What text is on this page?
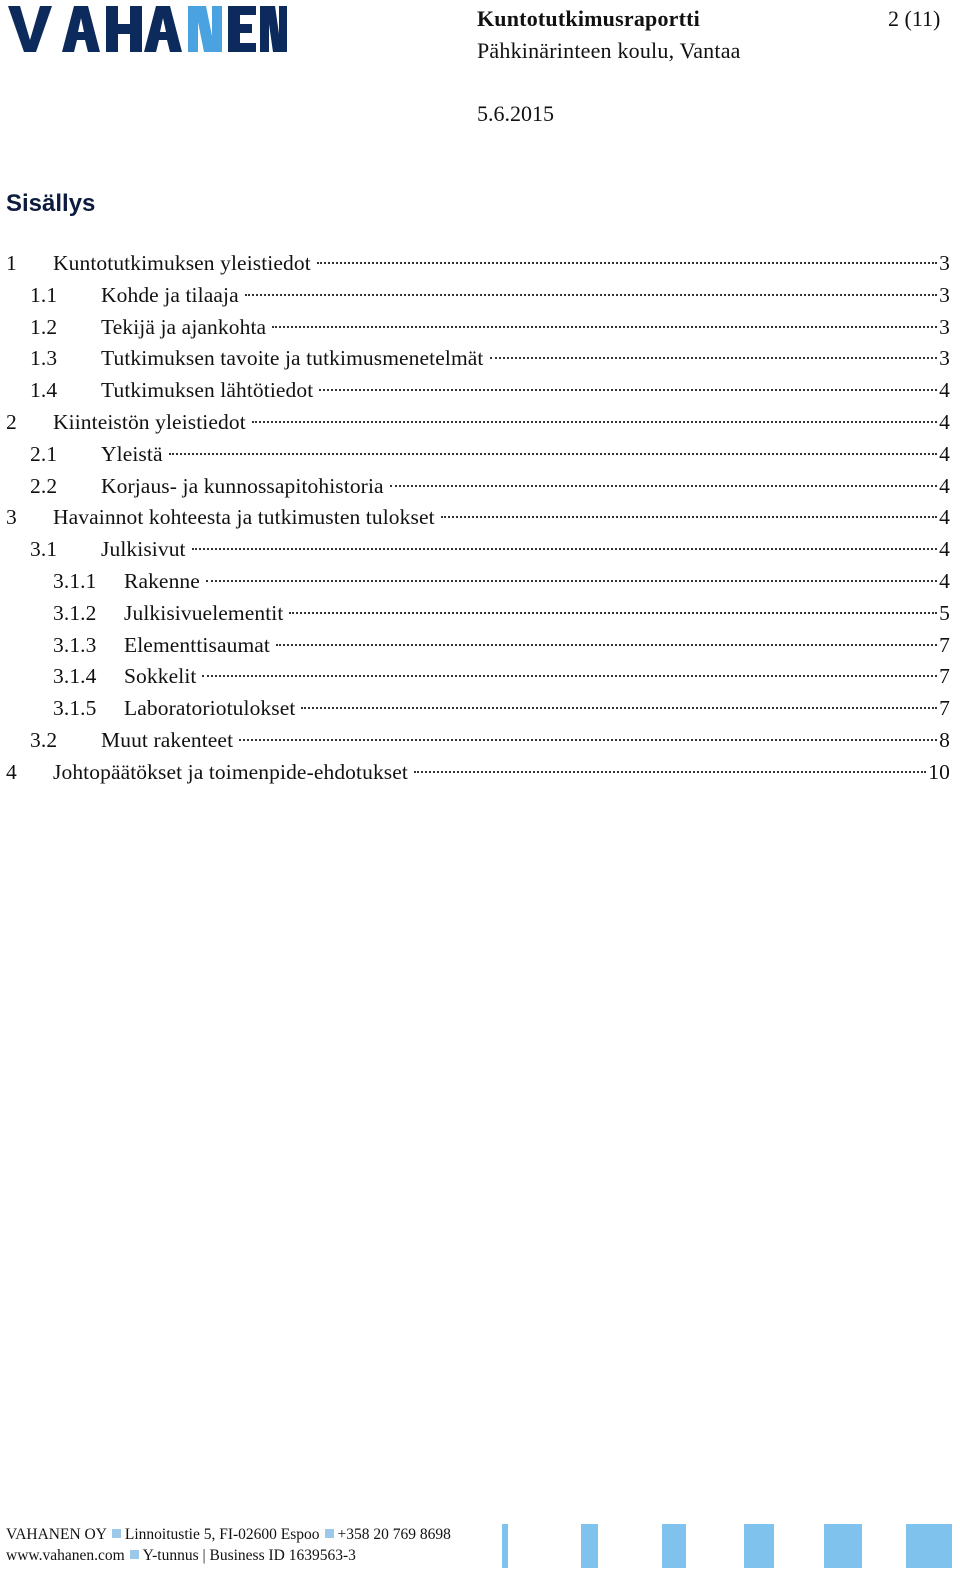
Kuntotutkimusraportti
Pähkinärinteen koulu, Vantaa
2 (11)
5.6.2015
Sisällys
1 Kuntotutkimuksen yleistiedot	3
1.1 Kohde ja tilaaja	3
1.2 Tekijä ja ajankohta	3
1.3 Tutkimuksen tavoite ja tutkimusmenetelmät	3
1.4 Tutkimuksen lähtötiedot	4
2 Kiinteistön yleistiedot	4
2.1 Yleistä	4
2.2 Korjaus- ja kunnossapitohistoria	4
3 Havainnot kohteesta ja tutkimusten tulokset	4
3.1 Julkisivut	4
3.1.1 Rakenne	4
3.1.2 Julkisivuelementit	5
3.1.3 Elementtisaumat	7
3.1.4 Sokkelit	7
3.1.5 Laboratoriotulokset	7
3.2 Muut rakenteet	8
4 Johtopäätökset ja toimenpide-ehdotukset	10
VAHANEN OY Linnoitustie 5, FI-02600 Espoo +358 20 769 8698
www.vahanen.com Y-tunnus | Business ID 1639563-3
